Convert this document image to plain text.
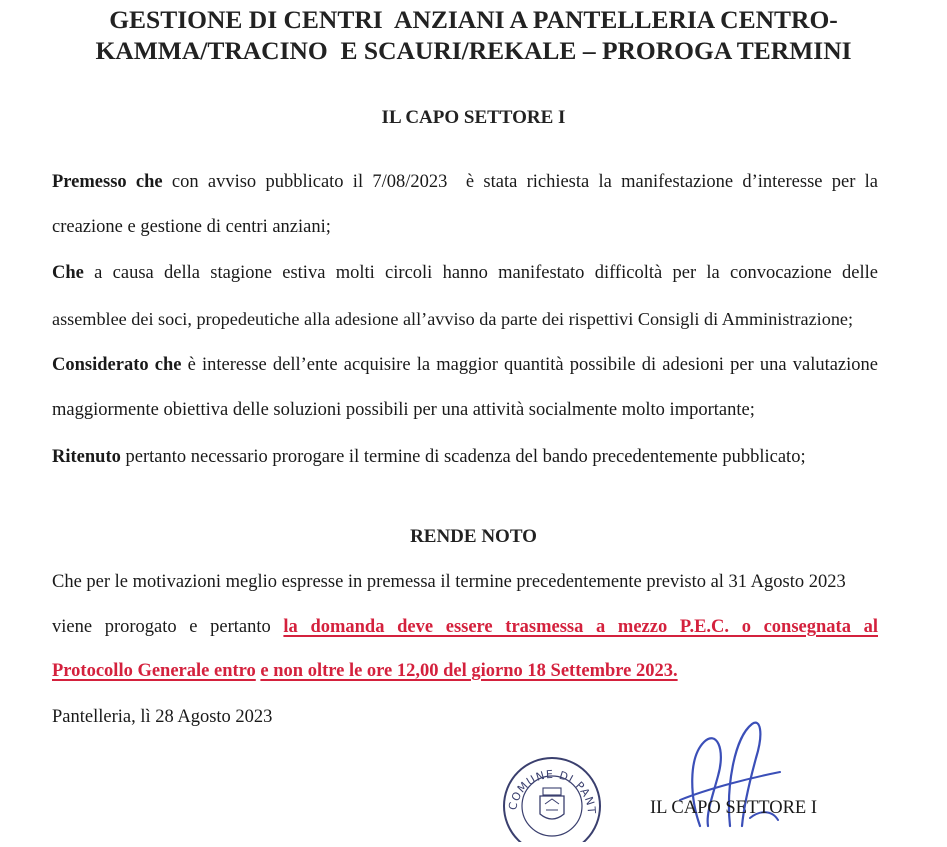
GESTIONE DI CENTRI  ANZIANI A PANTELLERIA CENTRO-
KAMMA/TRACINO  E SCAURI/REKALE – PROROGA TERMINI
IL CAPO SETTORE I
Premesso che con avviso pubblicato il 7/08/2023  è stata richiesta la manifestazione d’interesse per la
creazione e gestione di centri anziani;
Che a causa della stagione estiva molti circoli hanno manifestato difficoltà per la convocazione delle
assemblee dei soci, propedeutiche alla adesione all’avviso da parte dei rispettivi Consigli di Amministrazione;
Considerato che è interesse dell’ente acquisire la maggior quantità possibile di adesioni per una valutazione
maggiormente obiettiva delle soluzioni possibili per una attività socialmente molto importante;
Ritenuto pertanto necessario prorogare il termine di scadenza del bando precedentemente pubblicato;
RENDE NOTO
Che per le motivazioni meglio espresse in premessa il termine precedentemente previsto al 31 Agosto 2023
viene prorogato e pertanto la domanda deve essere trasmessa a mezzo P.E.C. o consegnata al
Protocollo Generale entro e non oltre le ore 12,00 del giorno 18 Settembre 2023.
Pantelleria, lì 28 Agosto 2023
COMUNE DI PANT	IL CAPO SETTORE I
